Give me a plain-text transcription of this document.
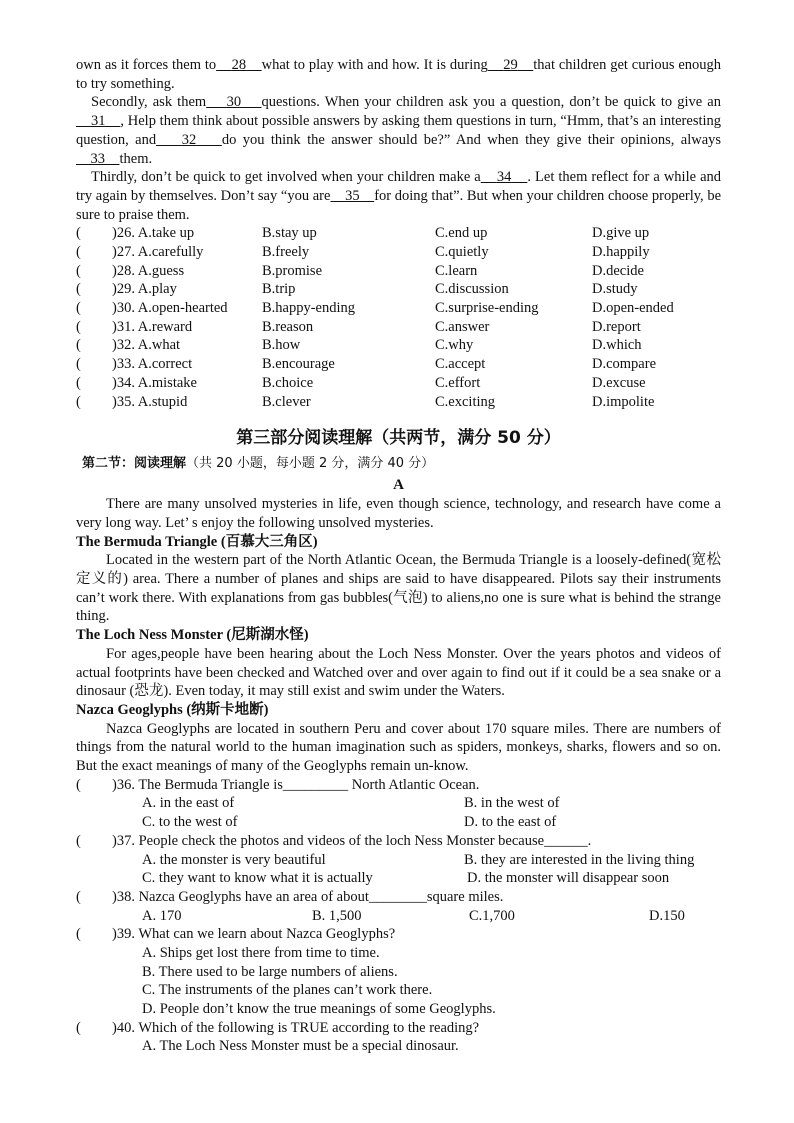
own as it forces them to 28 what to play with and how. It is during 29 that children get curious enough to try something.

Secondly, ask them 30 questions. When your children ask you a question, don’t be quick to give an    31 , Help them think about possible answers by asking them questions in turn, “Hmm, that’s an interesting question, and 32 do you think the answer should be?” And when they give their opinions, always    33 them.

Thirdly, don’t be quick to get involved when your children make a 34 . Let them reflect for a while and try again by themselves. Don’t say “you are 35 for doing that”. But when your children choose properly, be sure to praise them.

(	)26. A.take up	B.stay up	C.end up	D.give up
(	)27. A.carefully	B.freely	C.quietly	D.happily
(	)28. A.guess	B.promise	C.learn	D.decide
(	)29. A.play	B.trip	C.discussion	D.study
(	)30. A.open-hearted	B.happy-ending	C.surprise-ending	D.open-ended
(	)31. A.reward	B.reason	C.answer	D.report
(	)32. A.what	B.how	C.why	D.which
(	)33. A.correct	B.encourage	C.accept	D.compare
(	)34. A.mistake	B.choice	C.effort	D.excuse
(	)35. A.stupid	B.clever	C.exciting	D.impolite
第三部分阅读理解（共两节，满分 50 分）
第二节：阅读理解（共 20 小题，每小题 2 分，满分 40 分）
A

There are many unsolved mysteries in life, even though science, technology, and research have come a very long way. Let’ s enjoy the following unsolved mysteries.

The Bermuda Triangle (百慕大三角区)

Located in the western part of the North Atlantic Ocean, the Bermuda Triangle is a loosely-defined(宽松定义的) area. There a number of planes and ships are said to have disappeared. Pilots say their instruments can’t work there. With explanations from gas bubbles(气泡) to aliens,no one is sure what is behind the strange thing.

The Loch Ness Monster (尼斯湖水怪)

For ages,people have been hearing about the Loch Ness Monster. Over the years photos and videos of actual footprints have been checked and Watched over and over again to find out if it could be a sea snake or a dinosaur (恐龙). Even today, it may still exist and swim under the Waters.

Nazca Geoglyphs (纳斯卡地断)

Nazca Geoglyphs are located in southern Peru and cover about 170 square miles. There are numbers of things from the natural world to the human imagination such as spiders, monkeys, sharks, flowers and so on. But the exact meanings of many of the Geoglyphs remain un-know.

(	)36. The Bermuda Triangle is_________ North Atlantic Ocean.
A. in the east of	B. in the west of
C. to the west of	D. to the east of
(	)37. People check the photos and videos of the loch Ness Monster because______.
A. the monster is very beautiful	B. they are interested in the living thing
C. they want to know what it is actually	D. the monster will disappear soon
(	)38. Nazca Geoglyphs have an area of about________square miles.
A. 170	B. 1,500	C.1,700	D.150
(	)39. What can we learn about Nazca Geoglyphs?
A. Ships get lost there from time to time.
B. There used to be large numbers of aliens.
C. The instruments of the planes can’t work there.
D. People don’t know the true meanings of some Geoglyphs.
(	)40. Which of the following is TRUE according to the reading?
A. The Loch Ness Monster must be a special dinosaur.
